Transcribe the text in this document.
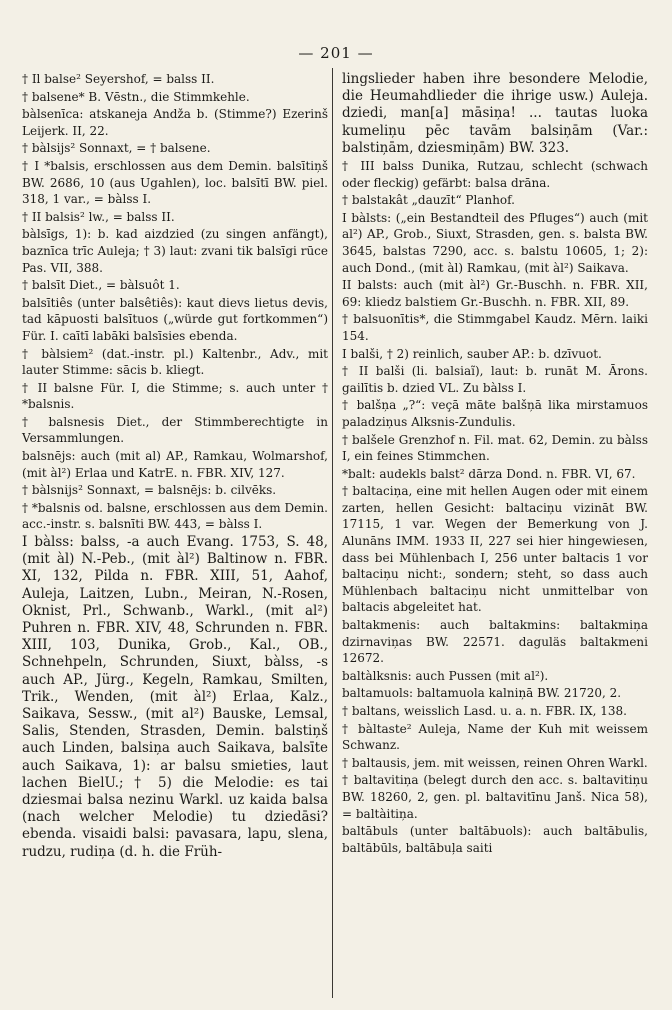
— 201 —

† Il balse² Seyershof, = balss II.

† balsene* B. Vēstn., die Stimmkehle.

bàlsenīca: atskaneja Andža b. (Stimme?) Ezerinš Leijerk. II, 22.

† bàlsijs² Sonnaxt, = † balsene.

† I *balsis, erschlossen aus dem Demin. balsītiņš BW. 2686, 10 (aus Ugahlen), loc. balsītī BW. piel. 318, 1 var., = bàlss I.

† II balsis² lw., = balss II.

bàlsīgs, 1): b. kad aizdzied (zu singen anfängt), baznīca trīc Auleja; † 3) laut: zvani tik balsīgi rūce Pas. VII, 388.

† balsīt Diet., = bàlsuôt 1.

balsītiês (unter balsêtiês): kaut dievs lietus devis, tad kāpuosti balsītuos („würde gut fortkommen“) Für. I. caītī labāki balsīsies ebenda.

† bàlsiem² (dat.-instr. pl.) Kaltenbr., Adv., mit lauter Stimme: sācis b. kliegt.

† II balsne Für. I, die Stimme; s. auch unter † *balsnis.

† balsnesis Diet., der Stimmberechtigte in Versammlungen.

balsnējs: auch (mit al) AP., Ramkau, Wolmarshof, (mit àl²) Erlaa und KatrE. n. FBR. XIV, 127.

† bàlsnijs² Sonnaxt, = balsnējs: b. cilvēks.

† *balsnis od. balsne, erschlossen aus dem Demin. acc.-instr. s. balsnīti BW. 443, = bàlss I.

I bàlss: balss, -a auch Evang. 1753, S. 48, (mit àl) N.-Peb., (mit àl²) Baltinow n. FBR. XI, 132, Pilda n. FBR. XIII, 51, Aahof, Auleja, Laitzen, Lubn., Meiran, N.-Rosen, Oknist, Prl., Schwanb., Warkl., (mit al²) Puhren n. FBR. XIV, 48, Schrunden n. FBR. XIII, 103, Dunika, Grob., Kal., OB., Schnehpeln, Schrunden, Siuxt, bàlss, -s auch AP., Jürg., Kegeln, Ramkau, Smilten, Trik., Wenden, (mit àl²) Erlaa, Kalz., Saikava, Sessw., (mit al²) Bauske, Lemsal, Salis, Stenden, Strasden, Demin. balstiņš auch Linden, balsiņa auch Saikava, balsīte auch Saikava, 1): ar balsu smieties, laut lachen BielU.; † 5) die Melodie: es tai dziesmai balsa nezinu Warkl. uz kaida balsa (nach welcher Melodie) tu dziedāsi? ebenda. visaidi balsi: pavasara, lapu, slena, rudzu, rudiņa (d. h. die Früh-

lingslieder haben ihre besondere Melodie, die Heumahdlieder die ihrige usw.) Auleja. dziedi, man[a] māsiņa! ... tautas luoka kumeliņu pēc tavām balsiņām (Var.: balstiņām, dziesmiņām) BW. 323.

† III balss Dunika, Rutzau, schlecht (schwach oder fleckig) gefärbt: balsa drāna.

† balstakât „dauzīt“ Planhof.

I bàlsts: („ein Bestandteil des Pfluges“) auch (mit al²) AP., Grob., Siuxt, Strasden, gen. s. balsta BW. 3645, balstas 7290, acc. s. balstu 10605, 1; 2): auch Dond., (mit àl) Ramkau, (mit àl²) Saikava.

II balsts: auch (mit àl²) Gr.-Buschh. n. FBR. XII, 69: kliedz balstiem Gr.-Buschh. n. FBR. XII, 89.

† balsuonītis*, die Stimmgabel Kaudz. Mērn. laiki 154.

I balši, † 2) reinlich, sauber AP.: b. dzīvuot.

† II balši (li. balsiaĩ), laut: b. runāt M. Ārons. gailītis b. dzied VL. Zu bàlss I.

† balšņa „?“: veçā māte balšņā lika mirstamuos paladziņus Alksnis-Zundulis.

† balšele Grenzhof n. Fil. mat. 62, Demin. zu bàlss I, ein feines Stimmchen.

*balt: audekls balst² dārza Dond. n. FBR. VI, 67.

† baltaciņa, eine mit hellen Augen oder mit einem zarten, hellen Gesicht: baltaciņu vizināt BW. 17115, 1 var. Wegen der Bemerkung von J. Alunāns IMM. 1933 II, 227 sei hier hingewiesen, dass bei Mühlenbach I, 256 unter baltacis 1 vor baltaciņu nicht:, sondern; steht, so dass auch Mühlenbach baltaciņu nicht unmittelbar von baltacis abgeleitet hat.

baltakmenis: auch baltakmins: baltakmiņa dzirnaviņas BW. 22571. daguläs baltakmeni 12672.

baltàlksnis: auch Pussen (mit al²).

baltamuols: baltamuola kalniņā BW. 21720, 2.

† baltans, weisslich Lasd. u. a. n. FBR. IX, 138.

† bàltaste² Auleja, Name der Kuh mit weissem Schwanz.

† baltausis, jem. mit weissen, reinen Ohren Warkl.

† baltavitiņa (belegt durch den acc. s. baltavitiņu BW. 18260, 2, gen. pl. baltavitīnu Janš. Nica 58), = baltàitiņa.

baltābuls (unter baltābuols): auch baltābulis, baltābūls, baltābuļa saiti
